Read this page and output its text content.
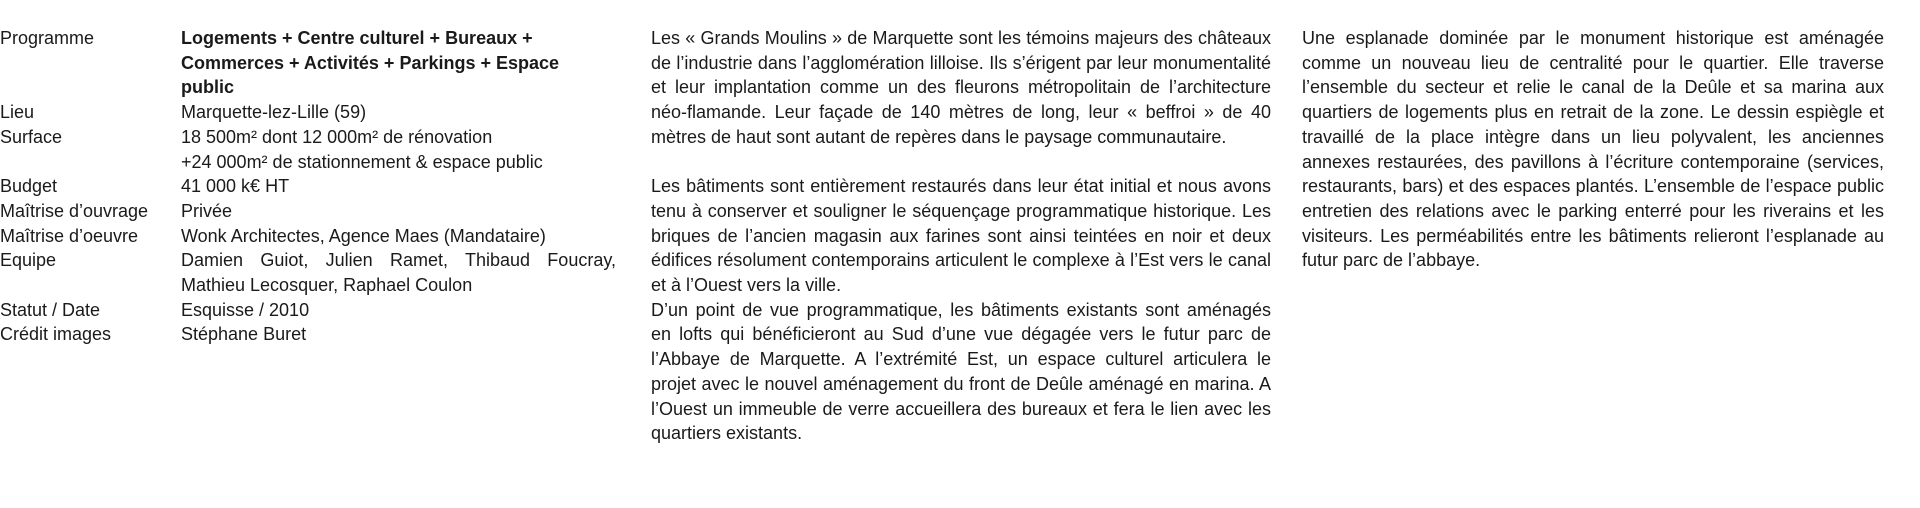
Programme	Logements + Centre culturel + Bureaux +
Commerces + Activités + Parkings + Espace
public
Lieu	Marquette-lez-Lille (59)
Surface	18 500m² dont 12 000m² de rénovation
+24 000m² de stationnement & espace public
Budget	41 000 k€ HT
Maîtrise d’ouvrage	Privée
Maîtrise d’oeuvre	Wonk Architectes, Agence Maes (Mandataire)
Equipe	Damien Guiot, Julien Ramet, Thibaud Foucray,
Mathieu Lecosquer, Raphael Coulon
Statut / Date	Esquisse / 2010
Crédit images	Stéphane Buret

Les « Grands Moulins » de Marquette sont les témoins majeurs des châteaux de l’industrie dans l’agglomération lilloise. Ils s’érigent par leur monumentalité et leur implantation comme un des fleurons métropolitain de l’architecture néo-flamande. Leur façade de 140 mètres de long, leur « beffroi » de 40 mètres de haut sont autant de repères dans le paysage communautaire.

Les bâtiments sont entièrement restaurés dans leur état initial et nous avons tenu à conserver et souligner le séquençage programmatique historique. Les briques de l’ancien magasin aux farines sont ainsi teintées en noir et deux édifices résolument contemporains articulent le complexe à l’Est vers le canal et à l’Ouest vers la ville.

D’un point de vue programmatique, les bâtiments existants sont aménagés en lofts qui bénéficieront au Sud d’une vue dégagée vers le futur parc de l’Abbaye de Marquette. A l’extrémité Est, un espace culturel articulera le projet avec le nouvel aménagement du front de Deûle aménagé en marina. A l’Ouest un immeuble de verre accueillera des bureaux et fera le lien avec les quartiers existants.

Une esplanade dominée par le monument historique est aménagée comme un nouveau lieu de centralité pour le quartier. Elle traverse l’ensemble du secteur et relie le canal de la Deûle et sa marina aux quartiers de logements plus en retrait de la zone. Le dessin espiègle et travaillé de la place intègre dans un lieu polyvalent, les anciennes annexes restaurées, des pavillons à l’écriture contemporaine (services, restaurants, bars) et des espaces plantés. L’ensemble de l’espace public entretien des relations avec le parking enterré pour les riverains et les visiteurs. Les perméabilités entre les bâtiments relieront l’esplanade au futur parc de l’abbaye.
